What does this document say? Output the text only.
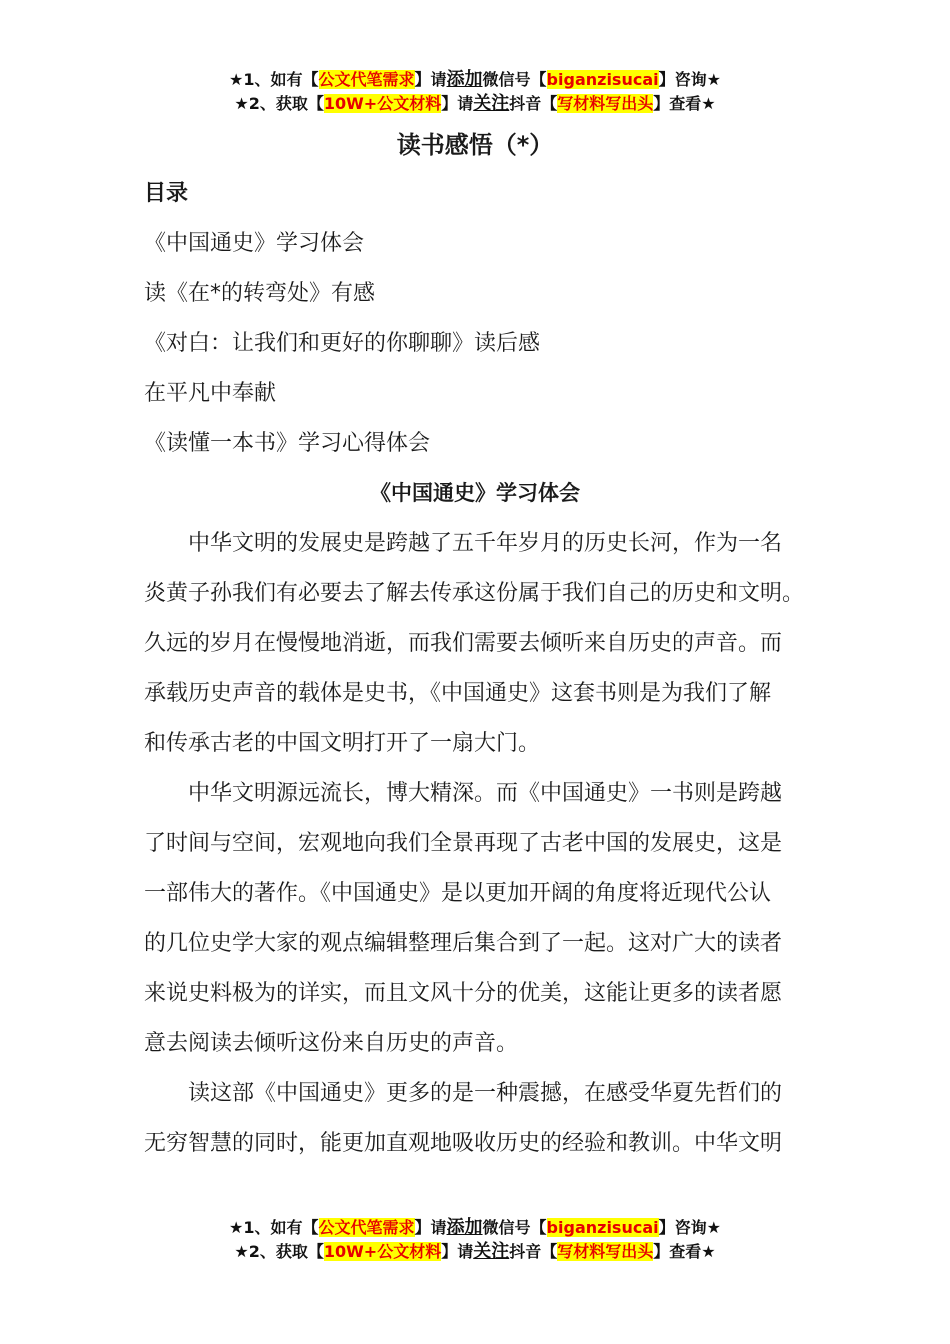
★1、如有【公文代笔需求】请添加微信号【biganzisucai】咨询★
★2、获取【10W+公文材料】请关注抖音【写材料写出头】查看★
读书感悟（*）
目录
《中国通史》学习体会
读《在*的转弯处》有感
《对白：让我们和更好的你聊聊》读后感
在平凡中奉献
《读懂一本书》学习心得体会
《中国通史》学习体会
　　中华文明的发展史是跨越了五千年岁月的历史长河，作为一名
炎黄子孙我们有必要去了解去传承这份属于我们自己的历史和文明。
久远的岁月在慢慢地消逝，而我们需要去倾听来自历史的声音。而
承载历史声音的载体是史书，《中国通史》这套书则是为我们了解
和传承古老的中国文明打开了一扇大门。
　　中华文明源远流长，博大精深。而《中国通史》一书则是跨越
了时间与空间，宏观地向我们全景再现了古老中国的发展史，这是
一部伟大的著作。《中国通史》是以更加开阔的角度将近现代公认
的几位史学大家的观点编辑整理后集合到了一起。这对广大的读者
来说史料极为的详实，而且文风十分的优美，这能让更多的读者愿
意去阅读去倾听这份来自历史的声音。
　　读这部《中国通史》更多的是一种震撼，在感受华夏先哲们的
无穷智慧的同时，能更加直观地吸收历史的经验和教训。中华文明
★1、如有【公文代笔需求】请添加微信号【biganzisucai】咨询★
★2、获取【10W+公文材料】请关注抖音【写材料写出头】查看★
